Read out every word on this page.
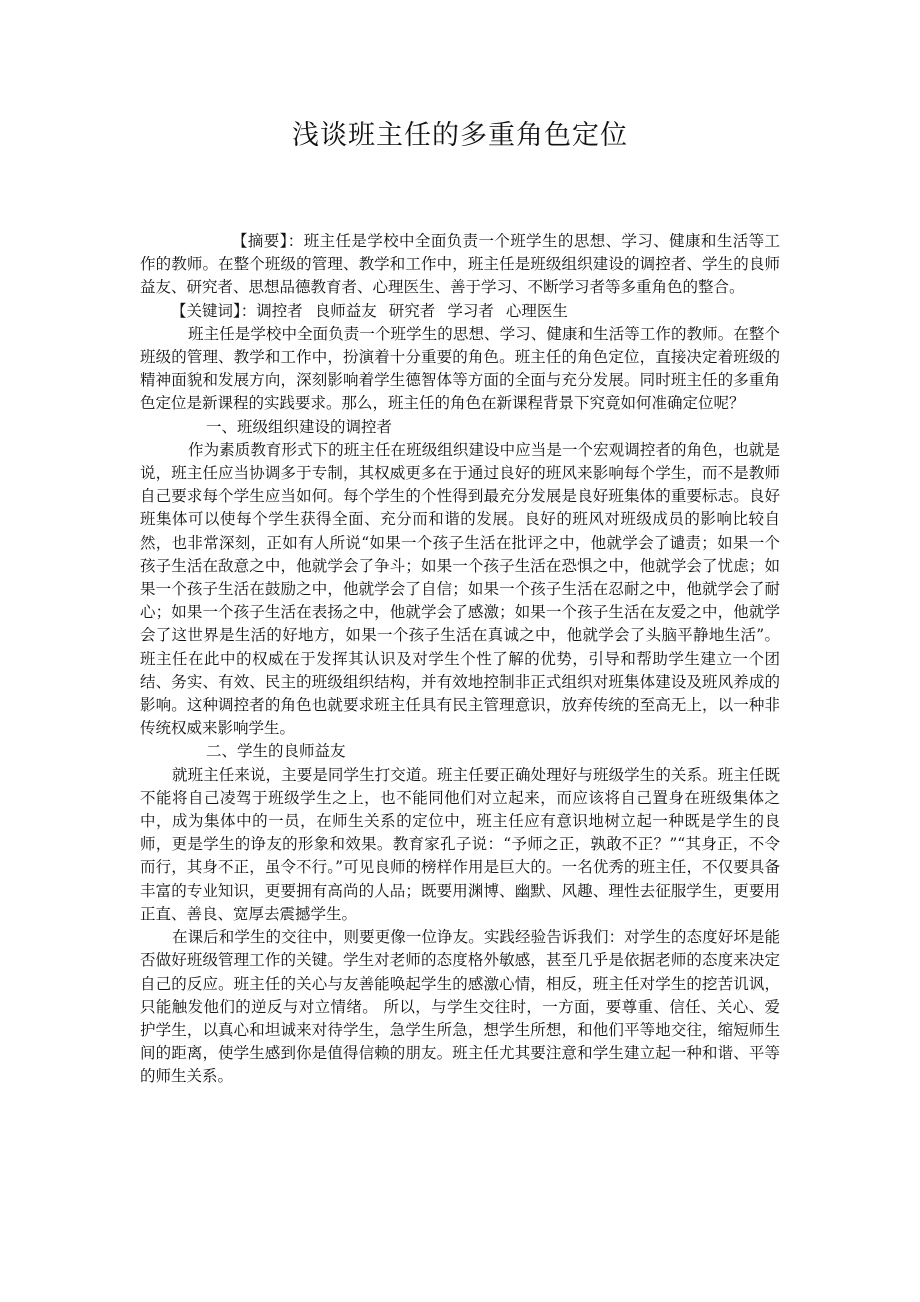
浅谈班主任的多重角色定位

【摘要】：班主任是学校中全面负责一个班学生的思想、学习、健康和生活等工作的教师。在整个班级的管理、教学和工作中，班主任是班级组织建设的调控者、学生的良师益友、研究者、思想品德教育者、心理医生、善于学习、不断学习者等多重角色的整合。

【关键词】：调控者 良师益友 研究者 学习者 心理医生

班主任是学校中全面负责一个班学生的思想、学习、健康和生活等工作的教师。在整个班级的管理、教学和工作中，扮演着十分重要的角色。班主任的角色定位，直接决定着班级的精神面貌和发展方向，深刻影响着学生德智体等方面的全面与充分发展。同时班主任的多重角色定位是新课程的实践要求。那么，班主任的角色在新课程背景下究竟如何准确定位呢？

一、班级组织建设的调控者

作为素质教育形式下的班主任在班级组织建设中应当是一个宏观调控者的角色，也就是说，班主任应当协调多于专制，其权威更多在于通过良好的班风来影响每个学生，而不是教师自己要求每个学生应当如何。每个学生的个性得到最充分发展是良好班集体的重要标志。良好班集体可以使每个学生获得全面、充分而和谐的发展。良好的班风对班级成员的影响比较自然，也非常深刻，正如有人所说“如果一个孩子生活在批评之中，他就学会了谴责；如果一个孩子生活在敌意之中，他就学会了争斗；如果一个孩子生活在恐惧之中，他就学会了忧虑；如果一个孩子生活在鼓励之中，他就学会了自信；如果一个孩子生活在忍耐之中，他就学会了耐心；如果一个孩子生活在表扬之中，他就学会了感激；如果一个孩子生活在友爱之中，他就学会了这世界是生活的好地方，如果一个孩子生活在真诚之中，他就学会了头脑平静地生活”。班主任在此中的权威在于发挥其认识及对学生个性了解的优势，引导和帮助学生建立一个团结、务实、有效、民主的班级组织结构，并有效地控制非正式组织对班集体建设及班风养成的影响。这种调控者的角色也就要求班主任具有民主管理意识，放弃传统的至高无上，以一种非传统权威来影响学生。

二、学生的良师益友

就班主任来说，主要是同学生打交道。班主任要正确处理好与班级学生的关系。班主任既不能将自己凌驾于班级学生之上，也不能同他们对立起来，而应该将自己置身在班级集体之中，成为集体中的一员，在师生关系的定位中，班主任应有意识地树立起一种既是学生的良师，更是学生的诤友的形象和效果。教育家孔子说：“予师之正，孰敢不正？”“其身正，不令而行，其身不正，虽令不行。”可见良师的榜样作用是巨大的。一名优秀的班主任，不仅要具备丰富的专业知识，更要拥有高尚的人品；既要用渊博、幽默、风趣、理性去征服学生，更要用正直、善良、宽厚去震撼学生。

在课后和学生的交往中，则要更像一位诤友。实践经验告诉我们：对学生的态度好坏是能否做好班级管理工作的关键。学生对老师的态度格外敏感，甚至几乎是依据老师的态度来决定自己的反应。班主任的关心与友善能唤起学生的感激心情，相反，班主任对学生的挖苦讥讽，只能触发他们的逆反与对立情绪。 所以，与学生交往时，一方面，要尊重、信任、关心、爱护学生，以真心和坦诚来对待学生，急学生所急，想学生所想，和他们平等地交往，缩短师生间的距离，使学生感到你是值得信赖的朋友。班主任尤其要注意和学生建立起一种和谐、平等的师生关系。
